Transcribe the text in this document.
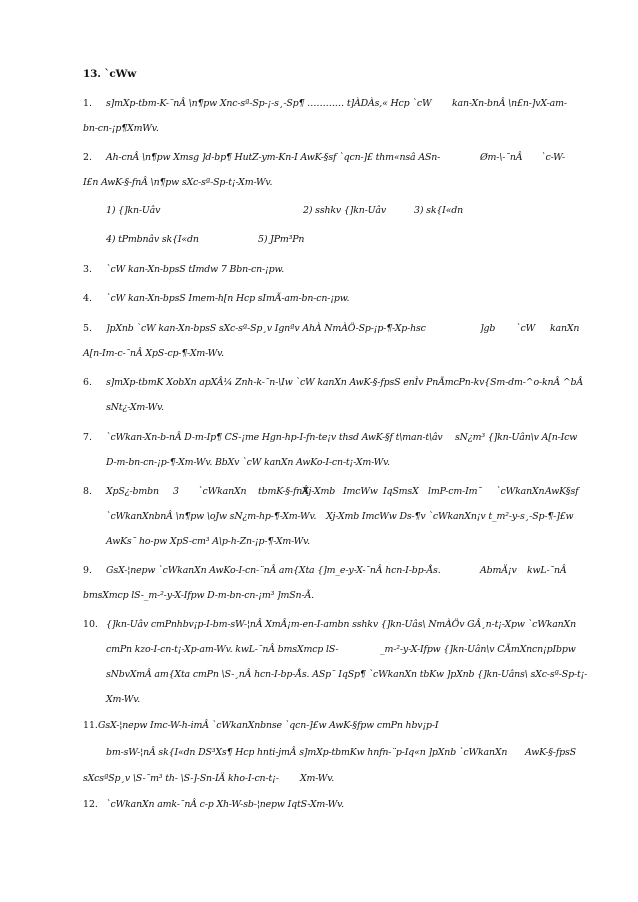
13. `cWw
1. s]mXp-tbm-K-¨nÂ \n¶pw Xnc-sª-Sp-¡-s¸-Sp¶ ………… t]ÀDÀs,« Hcp `cW kan-Xn-bnÂ \n£n-]vX-am-
bn-cn-¡p¶XmWv.
2. Ah-cnÂ \n¶pw Xmsg ]d-bp¶ HutZ-ym-Kn-I AwK-§sf `qcn-]£ thm«nsâ ASn-	Øm-\-¯nÂ `c-W-
I£n AwK-§-fnÂ \n¶pw sXc-sª-Sp-t¡-Xm-Wv.
1) {]kn-Uâv	2) sshkv {]kn-Uâv	3) sk{I«dn
4) tPmbnâv sk{I«dn	5) JPm³Pn
3. `cW kan-Xn-bpsS tImdw 7 Bbn-cn-¡pw.
4. `cW kan-Xn-bpsS Imem-h[n Hcp sImÃ-am-bn-cn-¡pw.
5. ]pXnb `cW kan-Xn-bpsS sXc-sª-Sp¸v Ignªv AhÀ NmÀÖ-Sp-¡p-¶-Xp-hsc	]gb `cW kanXn
A[n-Im-c-¯nÂ XpS-cp-¶-Xm-Wv.
6. s]mXp-tbmK XobXn apXÂ¼ Znh-k-¯n-\Iw `cW kanXn AwK-§-fpsS enÌv PnÃmcPn-kv{Sm-dm-^o-knÂ ^bÂ
sNt¿-Xm-Wv.
7. `cWkan-Xn-b-nÂ D-m-Ip¶ CS-¡me Hgn-hp-I-fn-te¡v thsd AwK-§f t\man-t\âv sN¿m³ {]kn-Uân\v A[n-Icw
D-m-bn-cn-¡p-¶-Xm-Wv. BbXv `cW kanXn AwKo-I-cn-t¡-Xm-Wv.
8. XpS¿-bmbn 3 `cWkanXn tbmK-§-fnÂ
Xj-Xmb ImcWw IqSmsX lmP-cm-Im¯ `cWkanXn AwK§sf
`cWkanXnbnÂ \n¶pw \oЈw sN¿m-hp-¶-Xm-Wv. Xj-Xmb ImcWw Ds-¶v `cWkanXn¡v t_m²-y-s¸-Sp-¶-]£w
AwKs¯ ho-pw XpS-cm³ A\p-h-Zn-¡p-¶-Xm-Wv.
9. GsX-¦nepw `cWkanXn AwKo-I-cn-¨nÂ am{Xta {]m_e-y-X-¯nÂ hcn-I-bp-Ås.	AbmÄ¡v kwL-¯nÂ
bmsXmcp lS-_m-²-y-X-Ifpw D-m-bn-cn-¡m³ ]mSn-Ã.
10. {]kn-Uâv cmPnhbv¡p-I-bm-sW-¦nÂ XmÂ¡m-en-I-ambn sshkv {]kn-Uâs\ NmÀÖv GÂ¸n-t¡-Xpw `cWkanXn
cmPn kzo-I-cn-t¡-Xp-am-Wv. kwL-¯nÂ bmsXmcp lS-	_m-²-y-X-Ifpw {]kn-Uân\v CÃmXncn¡pIbpw
sNbvXmÂ am{Xta cmPn \S-¸nÂ hcn-I-bp-Ås. ASp¯ IqSp¶ `cWkanXn tbKw ]pXnb {]kn-Uâns\ sXc-sª-Sp-t¡-
Xm-Wv.
11. GsX-¦nepw Imc-W-h-imÂ `cWkanXnbnse `qcn-]£w AwK-§fpw cmPn hbv¡p-I
bm-sW-¦nÂ sk{I«dn DS³Xs¶ Hcp hnti-jmÂ s]mXp-tbmKw hnfn-¨p-Iq«n ]pXnb `cWkanXn AwK-§-fpsS
sXcsªSp¸v \S-¯m³ th- \S-]-Sn-IÄ kho-I-cn-t¡- Xm-Wv.
12. `cWkanXn amk-¯nÂ c-p Xh-W-sb-¦nepw IqtS-Xm-Wv.
